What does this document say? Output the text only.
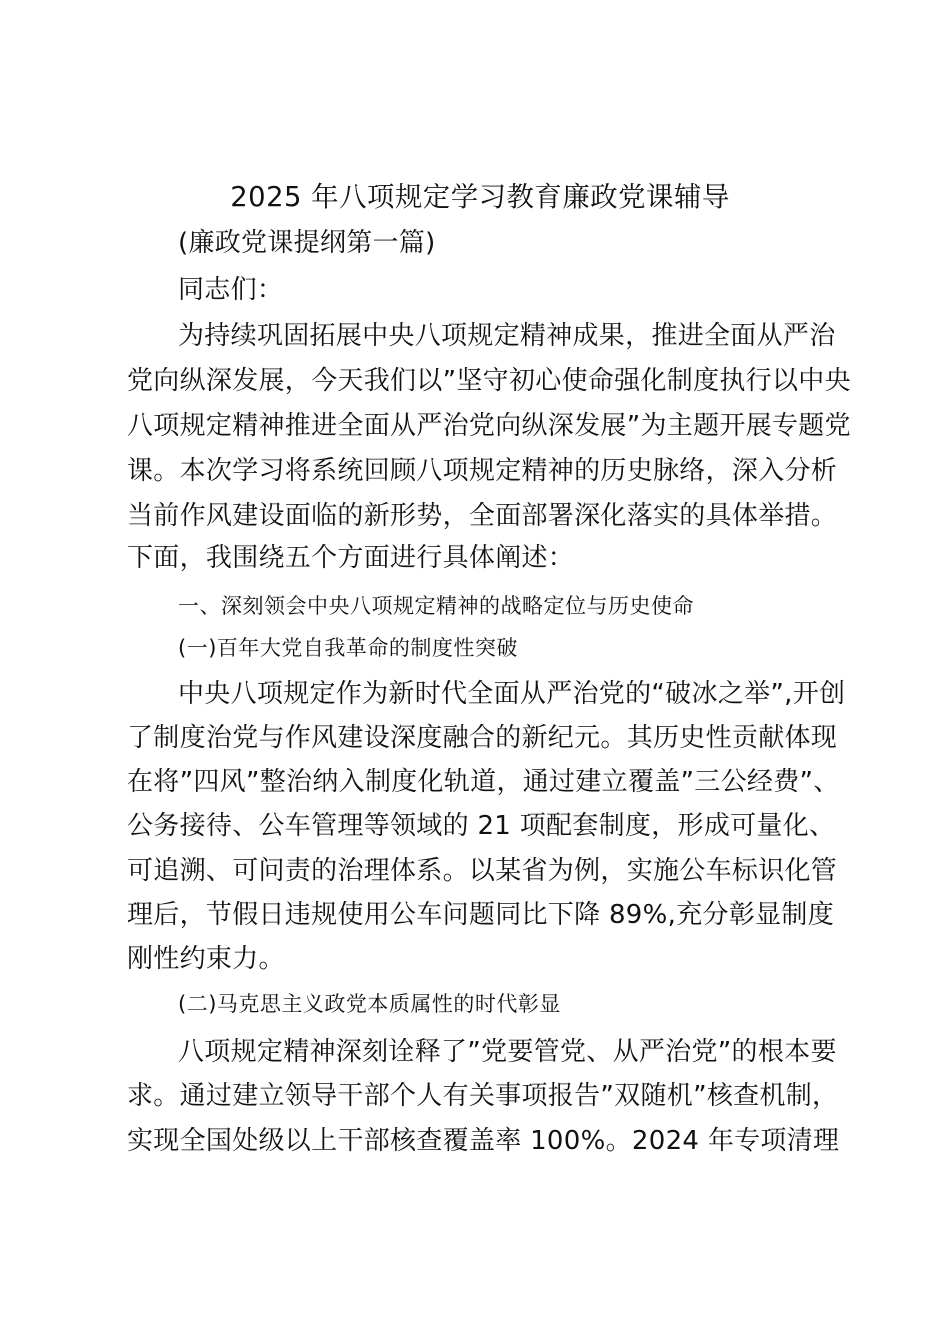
2025 年八项规定学习教育廉政党课辅导
(廉政党课提纲第一篇)
同志们：
为持续巩固拓展中央八项规定精神成果，推进全面从严治
党向纵深发展，今天我们以”坚守初心使命强化制度执行以中央
八项规定精神推进全面从严治党向纵深发展”为主题开展专题党
课。本次学习将系统回顾八项规定精神的历史脉络，深入分析
当前作风建设面临的新形势，全面部署深化落实的具体举措。
下面，我围绕五个方面进行具体阐述：
一、深刻领会中央八项规定精神的战略定位与历史使命
(一)百年大党自我革命的制度性突破
中央八项规定作为新时代全面从严治党的“破冰之举”,开创
了制度治党与作风建设深度融合的新纪元。其历史性贡献体现
在将”四风”整治纳入制度化轨道，通过建立覆盖”三公经费”、
公务接待、公车管理等领域的 21 项配套制度，形成可量化、
可追溯、可问责的治理体系。以某省为例，实施公车标识化管
理后，节假日违规使用公车问题同比下降 89%,充分彰显制度
刚性约束力。
(二)马克思主义政党本质属性的时代彰显
八项规定精神深刻诠释了”党要管党、从严治党”的根本要
求。通过建立领导干部个人有关事项报告”双随机”核查机制，
实现全国处级以上干部核查覆盖率 100%。2024 年专项清理
